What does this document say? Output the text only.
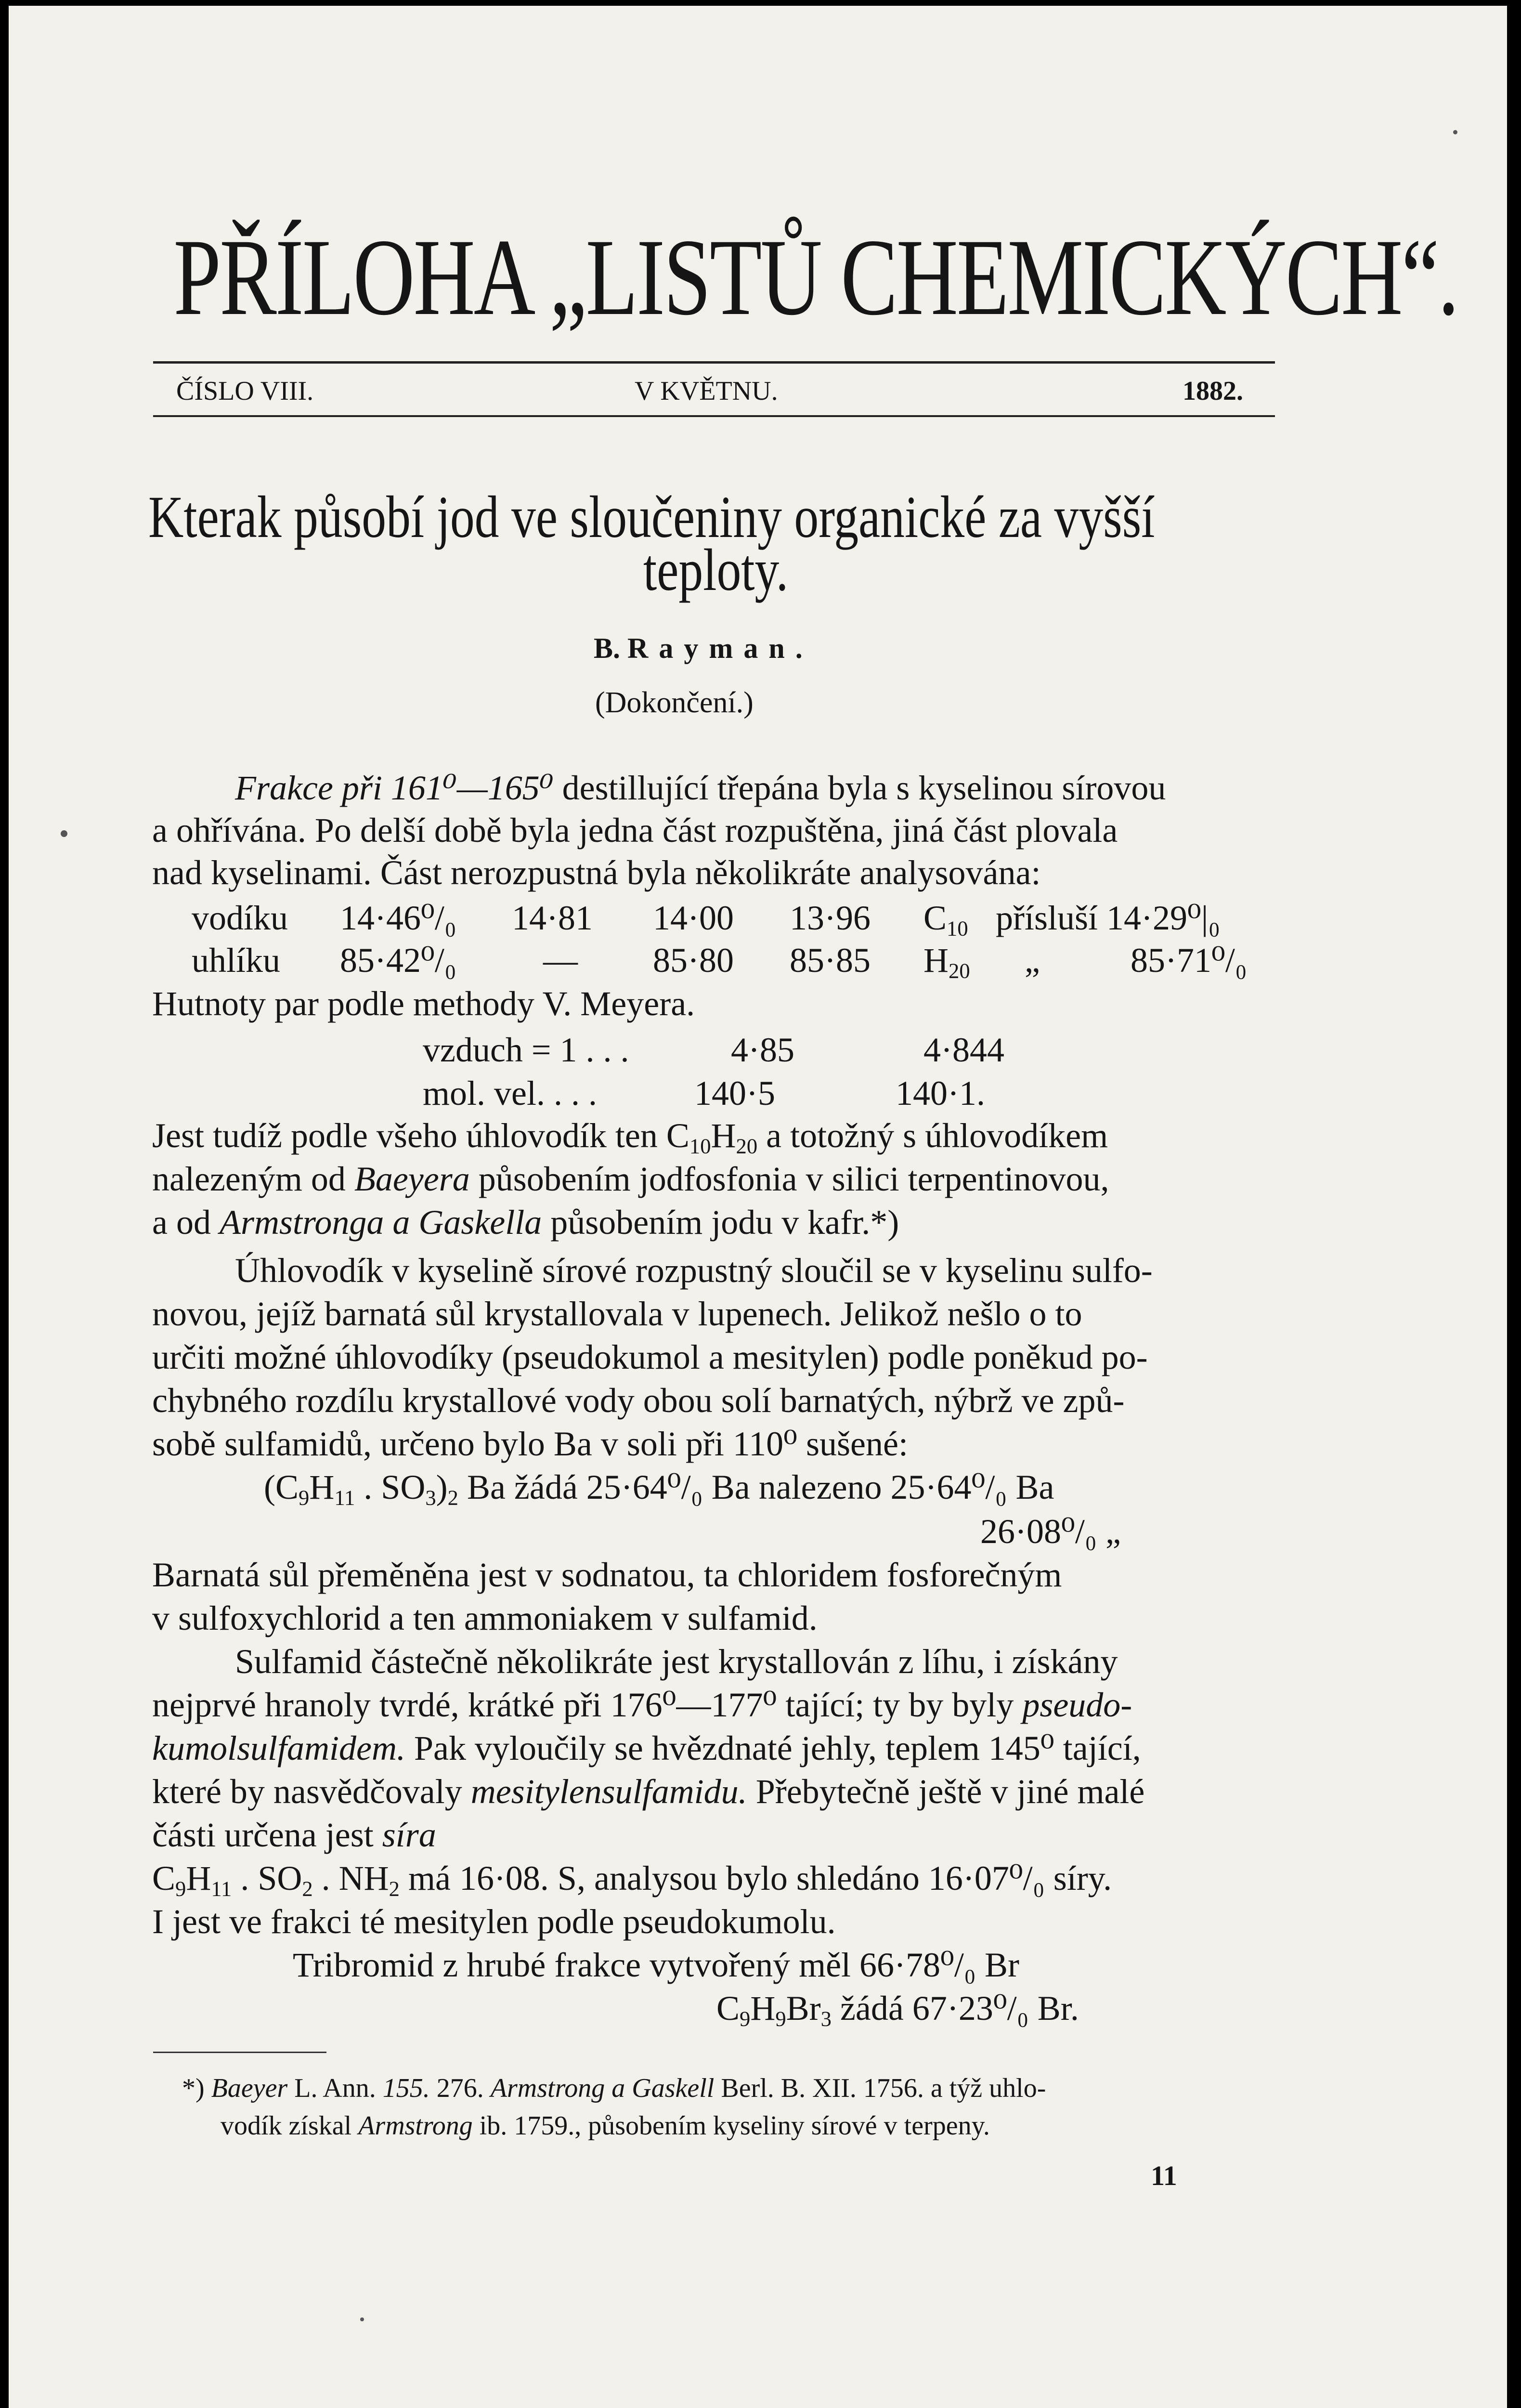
PŘÍLOHA „LISTŮ CHEMICKÝCH“.
ČÍSLO VIII.	V KVĚTNU.	1882.
Kterak působí jod ve sloučeniny organické za vyšší
teploty.
B. Rayman.
(Dokončení.)
Frakce při 161⁰—165⁰ destillující třepána byla s kyselinou sírovou
a ohřívána. Po delší době byla jedna část rozpuštěna, jiná část plovala
nad kyselinami. Část nerozpustná byla několikráte analysována:
vodíku 14·46⁰/₀ 14·81 14·00 13·96 $C_{10}$ přísluší 14·29⁰|₀
uhlíku 85·42⁰/₀	— 85·80 85·85 $H_{20}$ „	85·71⁰/₀
Hutnoty par podle methody V. Meyera.
vzduch = 1 . . .	4·85	4·844
mol. vel. . . .	140·5	140·1.
Jest tudíž podle všeho úhlovodík ten $C_{10}H_{20}$ a totožný s úhlovodíkem
nalezeným od Baeyera působením jodfosfonia v silici terpentinovou,
a od Armstronga a Gaskella působením jodu v kafr.*)
Úhlovodík v kyselině sírové rozpustný sloučil se v kyselinu sulfo-
novou, jejíž barnatá sůl krystallovala v lupenech. Jelikož nešlo o to
určiti možné úhlovodíky (pseudokumol a mesitylen) podle poněkud po-
chybného rozdílu krystallové vody obou solí barnatých, nýbrž ve způ-
sobě sulfamidů, určeno bylo Ba v soli při 110⁰ sušené:
($C_9H_{11}$ . $SO_3)_2$ Ba žádá 25·64⁰/₀ Ba nalezeno 25·64⁰/₀ Ba
26·08⁰/₀ „
Barnatá sůl přeměněna jest v sodnatou, ta chloridem fosforečným
v sulfoxychlorid a ten ammoniakem v sulfamid.
Sulfamid částečně několikráte jest krystallován z líhu, i získány
nejprvé hranoly tvrdé, krátké při 176⁰—177⁰ tající; ty by byly pseudo-
kumolsulfamidem. Pak vyloučily se hvězdnaté jehly, teplem 145⁰ tající,
které by nasvědčovaly mesitylensulfamidu. Přebytečně ještě v jiné malé
části určena jest síra
$C_9H_{11}$ . $SO_2$ . $NH_2$ má 16·08. S, analysou bylo shledáno 16·07⁰/₀ síry.
I jest ve frakci té mesitylen podle pseudokumolu.
Tribromid z hrubé frakce vytvořený měl 66·78⁰/₀ Br
$C_9H_9Br_3$ žádá 67·23⁰/₀ Br.
*) Baeyer L. Ann. 155. 276. Armstrong a Gaskell Berl. B. XII. 1756. a týž uhlo-
vodík získal Armstrong ib. 1759., působením kyseliny sírové v terpeny.
11
